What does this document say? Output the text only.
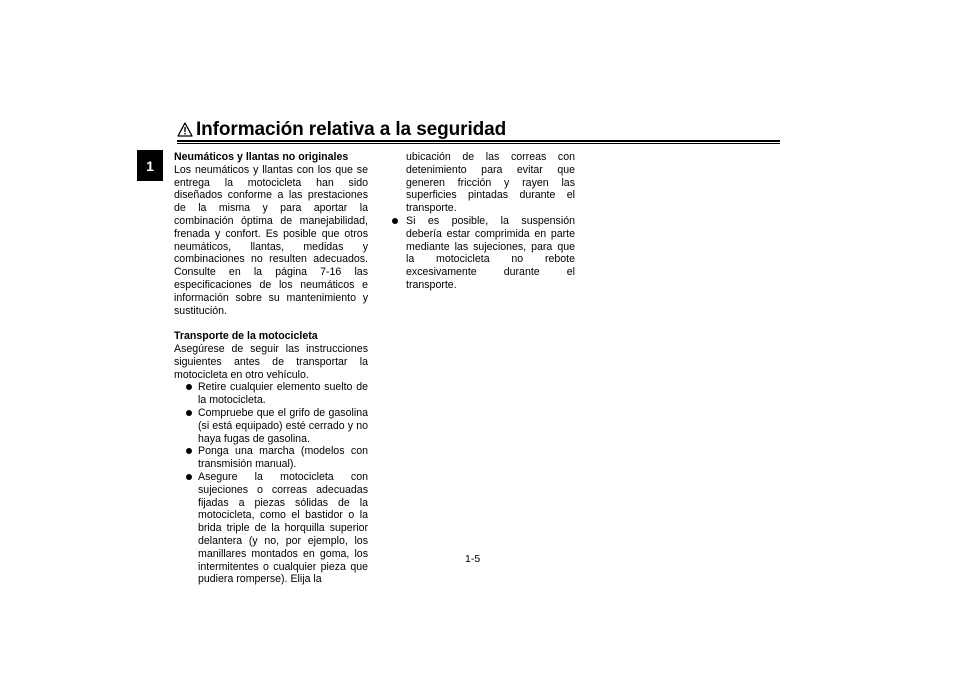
Información relativa a la seguridad
1

Neumáticos y llantas no originales

Los neumáticos y llantas con los que se entrega la motocicleta han sido diseñados conforme a las prestaciones de la misma y para aportar la combinación óptima de manejabilidad, frenada y confort. Es posible que otros neumáticos, llantas, medidas y combinaciones no resulten adecuados. Consulte en la página 7-16 las especificaciones de los neumáticos e información sobre su mantenimiento y sustitución.

Transporte de la motocicleta

Asegúrese de seguir las instrucciones siguientes antes de transportar la motocicleta en otro vehículo.

Retire cualquier elemento suelto de la motocicleta.
Compruebe que el grifo de gasolina (si está equipado) esté cerrado y no haya fugas de gasolina.
Ponga una marcha (modelos con transmisión manual).
Asegure la motocicleta con sujeciones o correas adecuadas fijadas a piezas sólidas de la motocicleta, como el bastidor o la brida triple de la horquilla superior delantera (y no, por ejemplo, los manillares montados en goma, los intermitentes o cualquier pieza que pudiera romperse). Elija la

ubicación de las correas con detenimiento para evitar que generen fricción y rayen las superficies pintadas durante el transporte.

Si es posible, la suspensión debería estar comprimida en parte mediante las sujeciones, para que la motocicleta no rebote excesivamente durante el transporte.
1-5
